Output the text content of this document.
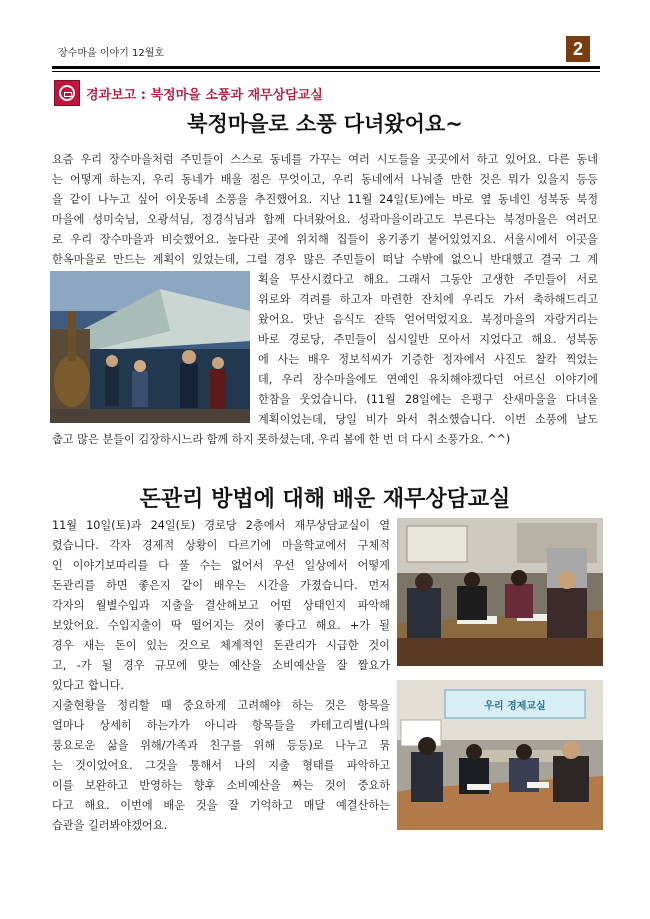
장수마을 이야기 12월호	2
경과보고 : 북정마을 소풍과 재무상담교실
북정마을로 소풍 다녀왔어요~
요즘 우리 장수마을처럼 주민들이 스스로 동네를 가꾸는 여러 시도들을 곳곳에서 하고 있어요. 다른 동네
는 어떻게 하는지, 우리 동네가 배울 점은 무엇이고, 우리 동네에서 나눠줄 만한 것은 뭐가 있을지 등등
을 같이 나누고 싶어 이웃동네 소풍을 추진했어요. 지난 11월 24일(토)에는 바로 옆 동네인 성북동 북정
마을에 성미숙님, 오광석님, 정경식님과 함께 다녀왔어요. 성곽마을이라고도 부른다는 북정마을은 여러모
로 우리 장수마을과 비슷했어요. 높다란 곳에 위치해 집들이 옹기종기 붙어있었지요. 서울시에서 이곳을
한옥마을로 만드는 계획이 있었는데, 그럴 경우 많은 주민들이 떠날 수밖에 없으니 반대했고 결국 그 계
획을 무산시켰다고 해요. 그래서 그동안 고생한 주민들이 서로
위로와 격려를 하고자 마련한 잔치에 우리도 가서 축하해드리고
왔어요. 맛난 음식도 잔뜩 얻어먹었지요. 북정마을의 자랑거리는
바로 경로당, 주민들이 십시일반 모아서 지었다고 해요. 성북동
에 사는 배우 정보석씨가 기증한 정자에서 사진도 찰칵 찍었는
데, 우리 장수마을에도 연예인 유치해야겠다던 어르신 이야기에
한참을 웃었습니다. (11월 28일에는 은평구 산새마을을 다녀올
계획이었는데, 당일 비가 와서 취소했습니다. 이번 소풍에 날도
춥고 많은 분들이 김장하시느라 함께 하지 못하셨는데, 우리 봄에 한 번 더 다시 소풍가요. ^^)
돈관리 방법에 대해 배운 재무상담교실
11월 10일(토)과 24일(토) 경로당 2층에서 재무상담교실이 열
렸습니다. 각자 경제적 상황이 다르기에 마을학교에서 구체적
인 이야기보따리를 다 풀 수는 없어서 우선 일상에서 어떻게
돈관리를 하면 좋은지 같이 배우는 시간을 가졌습니다. 먼저
각자의 월별수입과 지출을 결산해보고 어떤 상태인지 파악해
보았어요. 수입지출이 딱 떨어지는 것이 좋다고 해요. +가 될
경우 새는 돈이 있는 것으로 체계적인 돈관리가 시급한 것이
고, -가 될 경우 규모에 맞는 예산을 소비예산을 잘 짤요가
있다고 합니다.
지출현황을 정리할 때 중요하게 고려해야 하는 것은 항목을
얼마나 상세히 하는가가 아니라 항목들을 카테고리별(나의
풍요로운 삶을 위해/가족과 친구를 위해 등등)로 나누고 묶
는 것이었어요. 그것을 통해서 나의 지출 형태를 파악하고
이를 보완하고 반영하는 향후 소비예산을 짜는 것이 중요하
다고 해요. 이번에 배운 것을 잘 기억하고 매달 예결산하는
습관을 길러봐야겠어요.
우리 경제교실
